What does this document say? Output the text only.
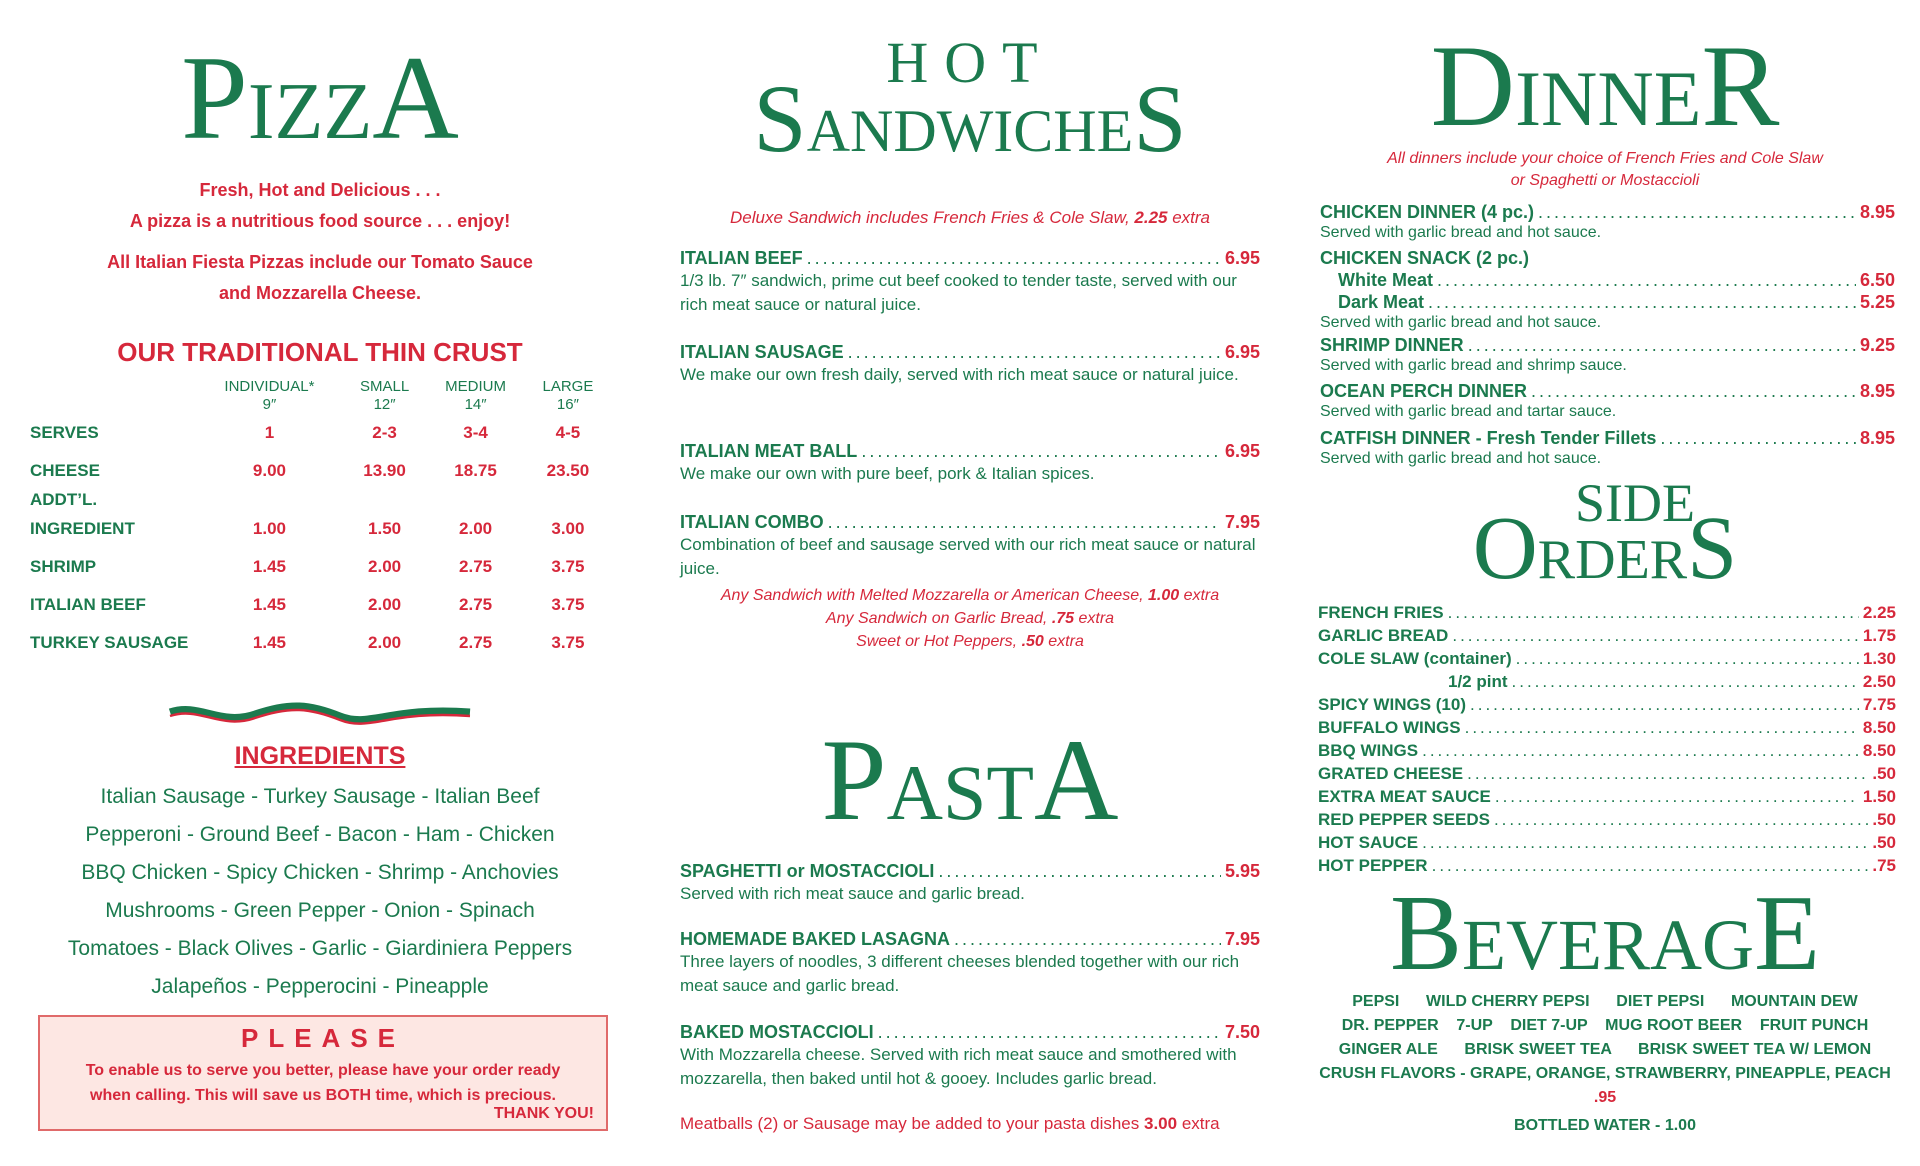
PIZZA
Fresh, Hot and Delicious . . .
A pizza is a nutritious food source . . . enjoy!
All Italian Fiesta Pizzas include our Tomato Sauce
and Mozzarella Cheese.
OUR TRADITIONAL THIN CRUST
	INDIVIDUAL*	SMALL	MEDIUM	LARGE
	9″	12″	14″	16″
SERVES	1	2-3	3-4	4-5
CHEESE	9.00	13.90	18.75	23.50
ADDT’L.				
INGREDIENT	1.00	1.50	2.00	3.00
SHRIMP	1.45	2.00	2.75	3.75
ITALIAN BEEF	1.45	2.00	2.75	3.75
TURKEY SAUSAGE	1.45	2.00	2.75	3.75
INGREDIENTS
Italian Sausage - Turkey Sausage - Italian Beef
Pepperoni - Ground Beef - Bacon - Ham - Chicken
BBQ Chicken - Spicy Chicken - Shrimp - Anchovies
Mushrooms - Green Pepper - Onion - Spinach
Tomatoes - Black Olives - Garlic - Giardiniera Peppers
Jalapeños - Pepperocini - Pineapple
PLEASE
To enable us to serve you better, please have your order ready
when calling. This will save us BOTH time, which is precious.
THANK YOU!
HOT
SANDWICHES
Deluxe Sandwich includes French Fries & Cole Slaw, 2.25 extra
ITALIAN BEEF .....	6.95
1/3 lb. 7″ sandwich, prime cut beef cooked to tender taste, served with our rich meat sauce or natural juice.
ITALIAN SAUSAGE .....	6.95
We make our own fresh daily, served with rich meat sauce or natural juice.
ITALIAN MEAT BALL .....	6.95
We make our own with pure beef, pork & Italian spices.
ITALIAN COMBO .....	7.95
Combination of beef and sausage served with our rich meat sauce or natural juice.
Any Sandwich with Melted Mozzarella or American Cheese, 1.00 extra
Any Sandwich on Garlic Bread, .75 extra
Sweet or Hot Peppers, .50 extra
PASTA
SPAGHETTI or MOSTACCIOLI .....	5.95
Served with rich meat sauce and garlic bread.
HOMEMADE BAKED LASAGNA .....	7.95
Three layers of noodles, 3 different cheeses blended together with our rich meat sauce and garlic bread.
BAKED MOSTACCIOLI .....	7.50
With Mozzarella cheese. Served with rich meat sauce and smothered with mozzarella, then baked until hot & gooey. Includes garlic bread.
Meatballs (2) or Sausage may be added to your pasta dishes 3.00 extra
DINNER
All dinners include your choice of French Fries and Cole Slaw
or Spaghetti or Mostaccioli
CHICKEN DINNER (4 pc.) .....	8.95
Served with garlic bread and hot sauce.
CHICKEN SNACK (2 pc.)
White Meat .....	6.50
Dark Meat .....	5.25
Served with garlic bread and hot sauce.
SHRIMP DINNER .....	9.25
Served with garlic bread and shrimp sauce.
OCEAN PERCH DINNER .....	8.95
Served with garlic bread and tartar sauce.
CATFISH DINNER - Fresh Tender Fillets .....	8.95
Served with garlic bread and hot sauce.
SIDE
ORDERS
FRENCH FRIES .....	2.25
GARLIC BREAD .....	1.75
COLE SLAW (container) .....	1.30
1/2 pint .....	2.50
SPICY WINGS (10) .....	7.75
BUFFALO WINGS .....	8.50
BBQ WINGS .....	8.50
GRATED CHEESE .....	.50
EXTRA MEAT SAUCE .....	1.50
RED PEPPER SEEDS .....	.50
HOT SAUCE .....	.50
HOT PEPPER .....	.75
BEVERAGE
PEPSI      WILD CHERRY PEPSI      DIET PEPSI      MOUNTAIN DEW
DR. PEPPER    7-UP    DIET 7-UP    MUG ROOT BEER    FRUIT PUNCH
GINGER ALE      BRISK SWEET TEA      BRISK SWEET TEA W/ LEMON
CRUSH FLAVORS - GRAPE, ORANGE, STRAWBERRY, PINEAPPLE, PEACH
.95
BOTTLED WATER - 1.00
